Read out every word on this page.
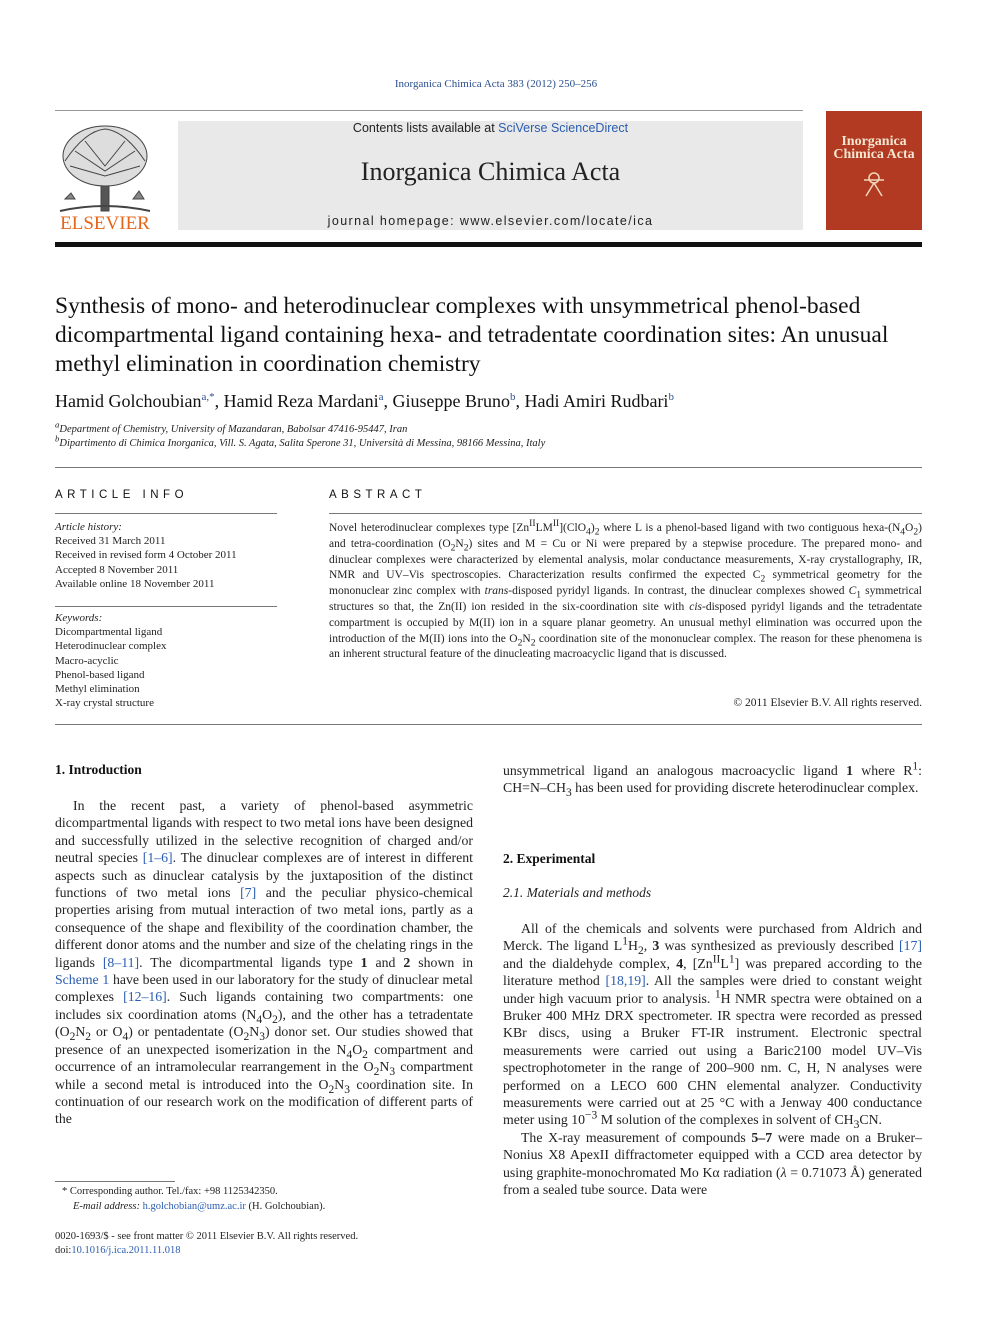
Inorganica Chimica Acta 383 (2012) 250–256
ELSEVIER
Contents lists available at SciVerse ScienceDirect
Inorganica Chimica Acta
journal homepage: www.elsevier.com/locate/ica
Inorganica
Chimica Acta
Synthesis of mono- and heterodinuclear complexes with unsymmetrical phenol-based dicompartmental ligand containing hexa- and tetradentate coordination sites: An unusual methyl elimination in coordination chemistry
Hamid Golchoubian$^{a,*}$, Hamid Reza Mardani$^a$, Giuseppe Bruno$^b$, Hadi Amiri Rudbari$^b$
$^a$Department of Chemistry, University of Mazandaran, Babolsar 47416-95447, Iran
$^b$Dipartimento di Chimica Inorganica, Vill. S. Agata, Salita Sperone 31, Università di Messina, 98166 Messina, Italy
ARTICLE INFO
Article history:
Received 31 March 2011
Received in revised form 4 October 2011
Accepted 8 November 2011
Available online 18 November 2011
Keywords:
Dicompartmental ligand
Heterodinuclear complex
Macro-acyclic
Phenol-based ligand
Methyl elimination
X-ray crystal structure
ABSTRACT
Novel heterodinuclear complexes type $[Zn^{II}LM^{II}](ClO_4)_2$ where L is a phenol-based ligand with two contiguous hexa-$(N_4O_2)$ and tetra-coordination $(O_2N_2)$ sites and M = Cu or Ni were prepared by a stepwise procedure. The prepared mono- and dinuclear complexes were characterized by elemental analysis, molar conductance measurements, X-ray crystallography, IR, NMR and UV–Vis spectroscopies. Characterization results confirmed the expected $C_2$ symmetrical geometry for the mononuclear zinc complex with trans-disposed pyridyl ligands. In contrast, the dinuclear complexes showed $C_1$ symmetrical structures so that, the Zn(II) ion resided in the six-coordination site with cis-disposed pyridyl ligands and the tetradentate compartment is occupied by M(II) ion in a square planar geometry. An unusual methyl elimination was occurred upon the introduction of the M(II) ions into the $O_2N_2$ coordination site of the mononuclear complex. The reason for these phenomena is an inherent structural feature of the dinucleating macroacyclic ligand that is discussed.
© 2011 Elsevier B.V. All rights reserved.
1. Introduction

In the recent past, a variety of phenol-based asymmetric dicompartmental ligands with respect to two metal ions have been designed and successfully utilized in the selective recognition of charged and/or neutral species [1–6]. The dinuclear complexes are of interest in different aspects such as dinuclear catalysis by the juxtaposition of the distinct functions of two metal ions [7] and the peculiar physico-chemical properties arising from mutual interaction of two metal ions, partly as a consequence of the shape and flexibility of the coordination chamber, the different donor atoms and the number and size of the chelating rings in the ligands [8–11]. The dicompartmental ligands type 1 and 2 shown in Scheme 1 have been used in our laboratory for the study of dinuclear metal complexes [12–16]. Such ligands containing two compartments: one includes six coordination atoms $(N_4O_2)$, and the other has a tetradentate ($O_2N_2$ or $O_4$) or pentadentate $(O_2N_3)$ donor set. Our studies showed that presence of an unexpected isomerization in the $N_4O_2$ compartment and occurrence of an intramolecular rearrangement in the $O_2N_3$ compartment while a second metal is introduced into the $O_2N_3$ coordination site. In continuation of our research work on the modification of different parts of the

unsymmetrical ligand an analogous macroacyclic ligand 1 where $R^1$: $CH=N-CH_3$ has been used for providing discrete heterodinuclear complex.

2. Experimental
2.1. Materials and methods

All of the chemicals and solvents were purchased from Aldrich and Merck. The ligand $L^1H_2$, 3 was synthesized as previously described [17] and the dialdehyde complex, 4, $[Zn^{II}L^1]$ was prepared according to the literature method [18,19]. All the samples were dried to constant weight under high vacuum prior to analysis. $^1$H NMR spectra were obtained on a Bruker 400 MHz DRX spectrometer. IR spectra were recorded as pressed KBr discs, using a Bruker FT-IR instrument. Electronic spectral measurements were carried out using a Baric2100 model UV–Vis spectrophotometer in the range of 200–900 nm. C, H, N analyses were performed on a LECO 600 CHN elemental analyzer. Conductivity measurements were carried out at 25 °C with a Jenway 400 conductance meter using $10^{-3}$ M solution of the complexes in solvent of $CH_3CN$.

The X-ray measurement of compounds 5–7 were made on a Bruker–Nonius X8 ApexII diffractometer equipped with a CCD area detector by using graphite-monochromated Mo Kα radiation (λ = 0.71073 Å) generated from a sealed tube source. Data were

* Corresponding author. Tel./fax: +98 1125342350.
E-mail address: h.golchobian@umz.ac.ir (H. Golchoubian).
0020-1693/$ - see front matter © 2011 Elsevier B.V. All rights reserved.
doi:10.1016/j.ica.2011.11.018
